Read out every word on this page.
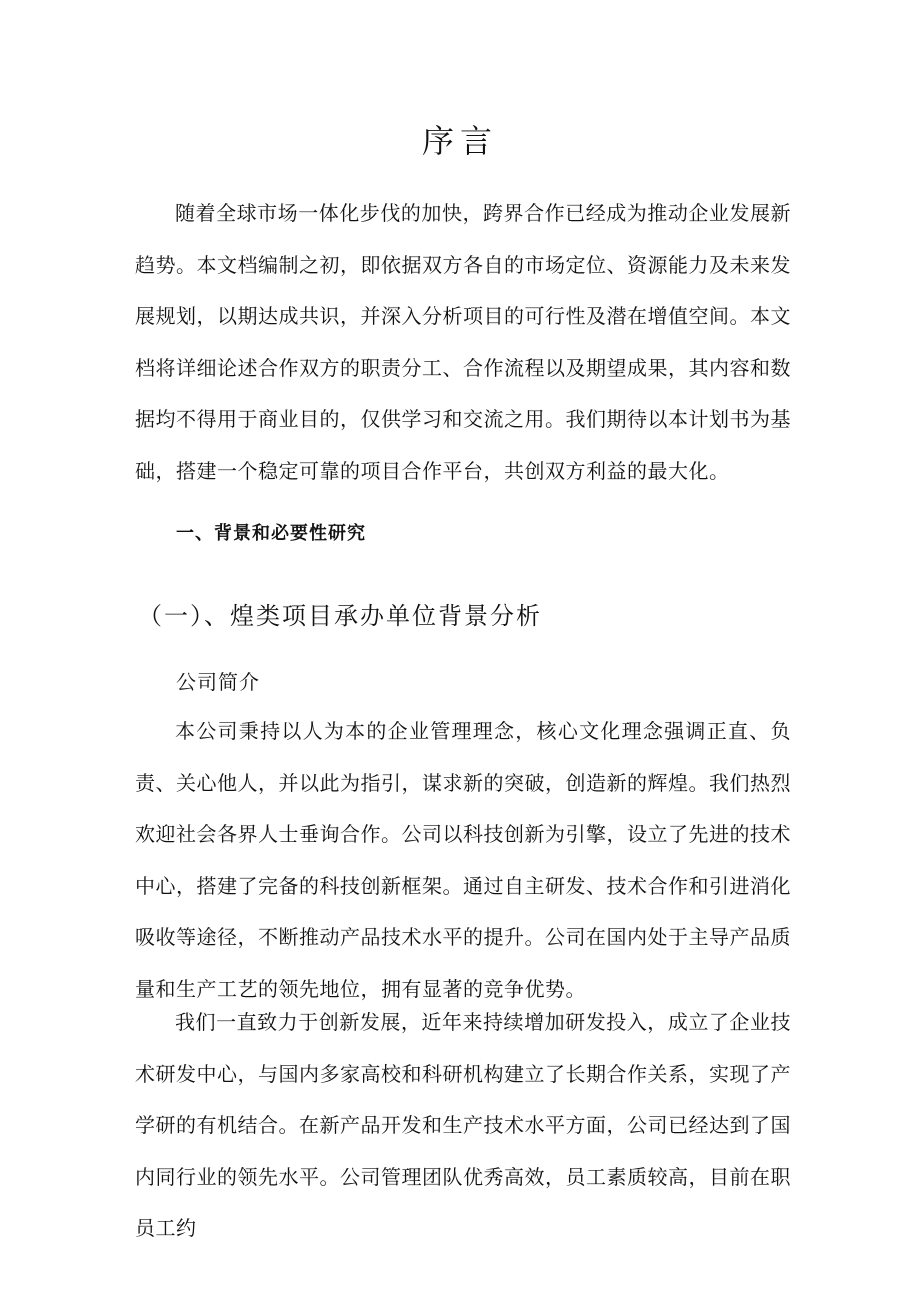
序言

随着全球市场一体化步伐的加快，跨界合作已经成为推动企业发展新趋势。本文档编制之初，即依据双方各自的市场定位、资源能力及未来发展规划，以期达成共识，并深入分析项目的可行性及潜在增值空间。本文档将详细论述合作双方的职责分工、合作流程以及期望成果，其内容和数据均不得用于商业目的，仅供学习和交流之用。我们期待以本计划书为基础，搭建一个稳定可靠的项目合作平台，共创双方利益的最大化。

一、背景和必要性研究
（一）、煌类项目承办单位背景分析

公司简介

本公司秉持以人为本的企业管理理念，核心文化理念强调正直、负责、关心他人，并以此为指引，谋求新的突破，创造新的辉煌。我们热烈欢迎社会各界人士垂询合作。公司以科技创新为引擎，设立了先进的技术中心，搭建了完备的科技创新框架。通过自主研发、技术合作和引进消化吸收等途径，不断推动产品技术水平的提升。公司在国内处于主导产品质量和生产工艺的领先地位，拥有显著的竞争优势。

我们一直致力于创新发展，近年来持续增加研发投入，成立了企业技术研发中心，与国内多家高校和科研机构建立了长期合作关系，实现了产学研的有机结合。在新产品开发和生产技术水平方面，公司已经达到了国内同行业的领先水平。公司管理团队优秀高效，员工素质较高，目前在职员工约
